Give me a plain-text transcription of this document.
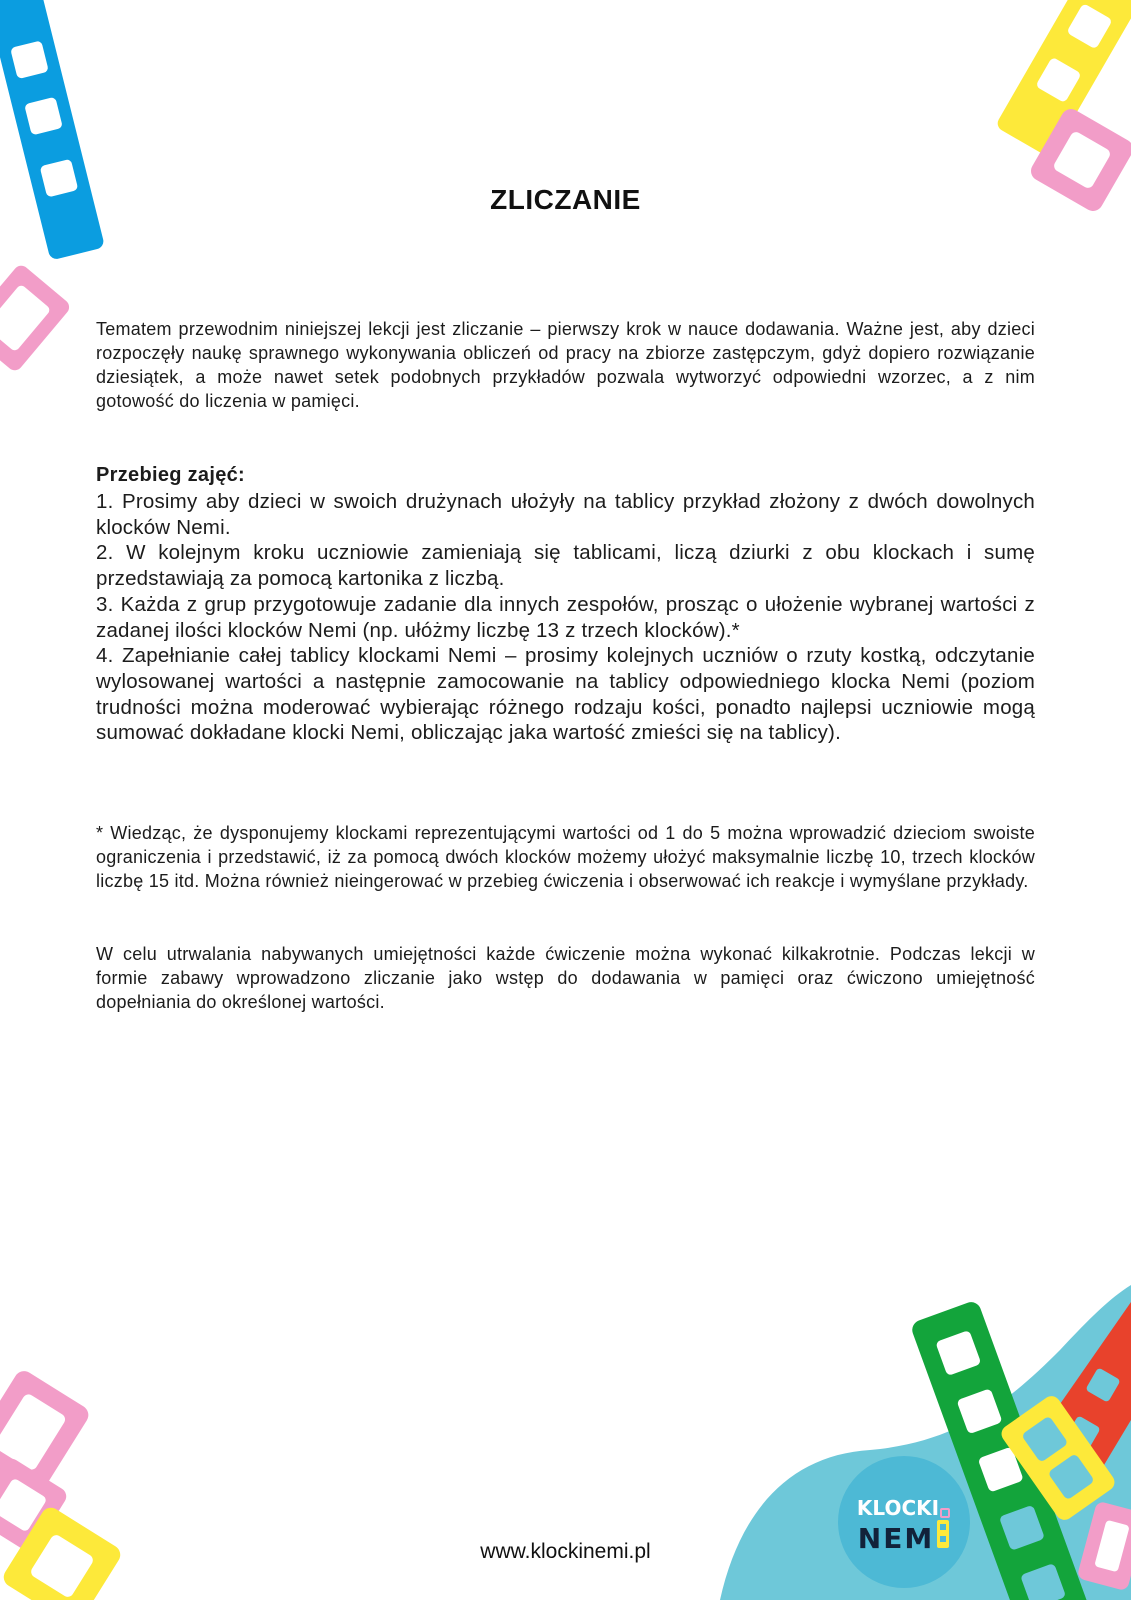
KLOCKI
NEM
ZLICZANIE

Tematem przewodnim niniejszej lekcji jest zliczanie – pierwszy krok w nauce dodawania. Ważne jest, aby dzieci rozpoczęły naukę sprawnego wykonywania obliczeń od pracy na zbiorze zastępczym, gdyż dopiero rozwiązanie dziesiątek, a może nawet setek podobnych przykładów pozwala wytworzyć odpowiedni wzorzec, a z nim gotowość do liczenia w pamięci.

Przebieg zajęć:
1. Prosimy aby dzieci w swoich drużynach ułożyły na tablicy przykład złożony z dwóch dowolnych klocków Nemi.
2. W kolejnym kroku uczniowie zamieniają się tablicami, liczą dziurki z obu klockach i sumę przedstawiają za pomocą kartonika z liczbą.
3. Każda z grup przygotowuje zadanie dla innych zespołów, prosząc o ułożenie wybranej wartości z zadanej ilości klocków Nemi (np. ułóżmy liczbę 13 z trzech klocków).*
4. Zapełnianie całej tablicy klockami Nemi – prosimy kolejnych uczniów o rzuty kostką, odczytanie wylosowanej wartości a następnie zamocowanie na tablicy odpowiedniego klocka Nemi (poziom trudności można moderować wybierając różnego rodzaju kości, ponadto najlepsi uczniowie mogą sumować dokładane klocki Nemi, obliczając jaka wartość zmieści się na tablicy).

* Wiedząc, że dysponujemy klockami reprezentującymi wartości od 1 do 5 można wprowadzić dzieciom swoiste ograniczenia i przedstawić, iż za pomocą dwóch klocków możemy ułożyć maksymalnie liczbę 10, trzech klocków liczbę 15 itd. Można również nieingerować w przebieg ćwiczenia i obserwować ich reakcje i wymyślane przykłady.

W celu utrwalania nabywanych umiejętności każde ćwiczenie można wykonać kilkakrotnie. Podczas lekcji w formie zabawy wprowadzono zliczanie jako wstęp do dodawania w pamięci oraz ćwiczono umiejętność dopełniania do określonej wartości.

www.klockinemi.pl
